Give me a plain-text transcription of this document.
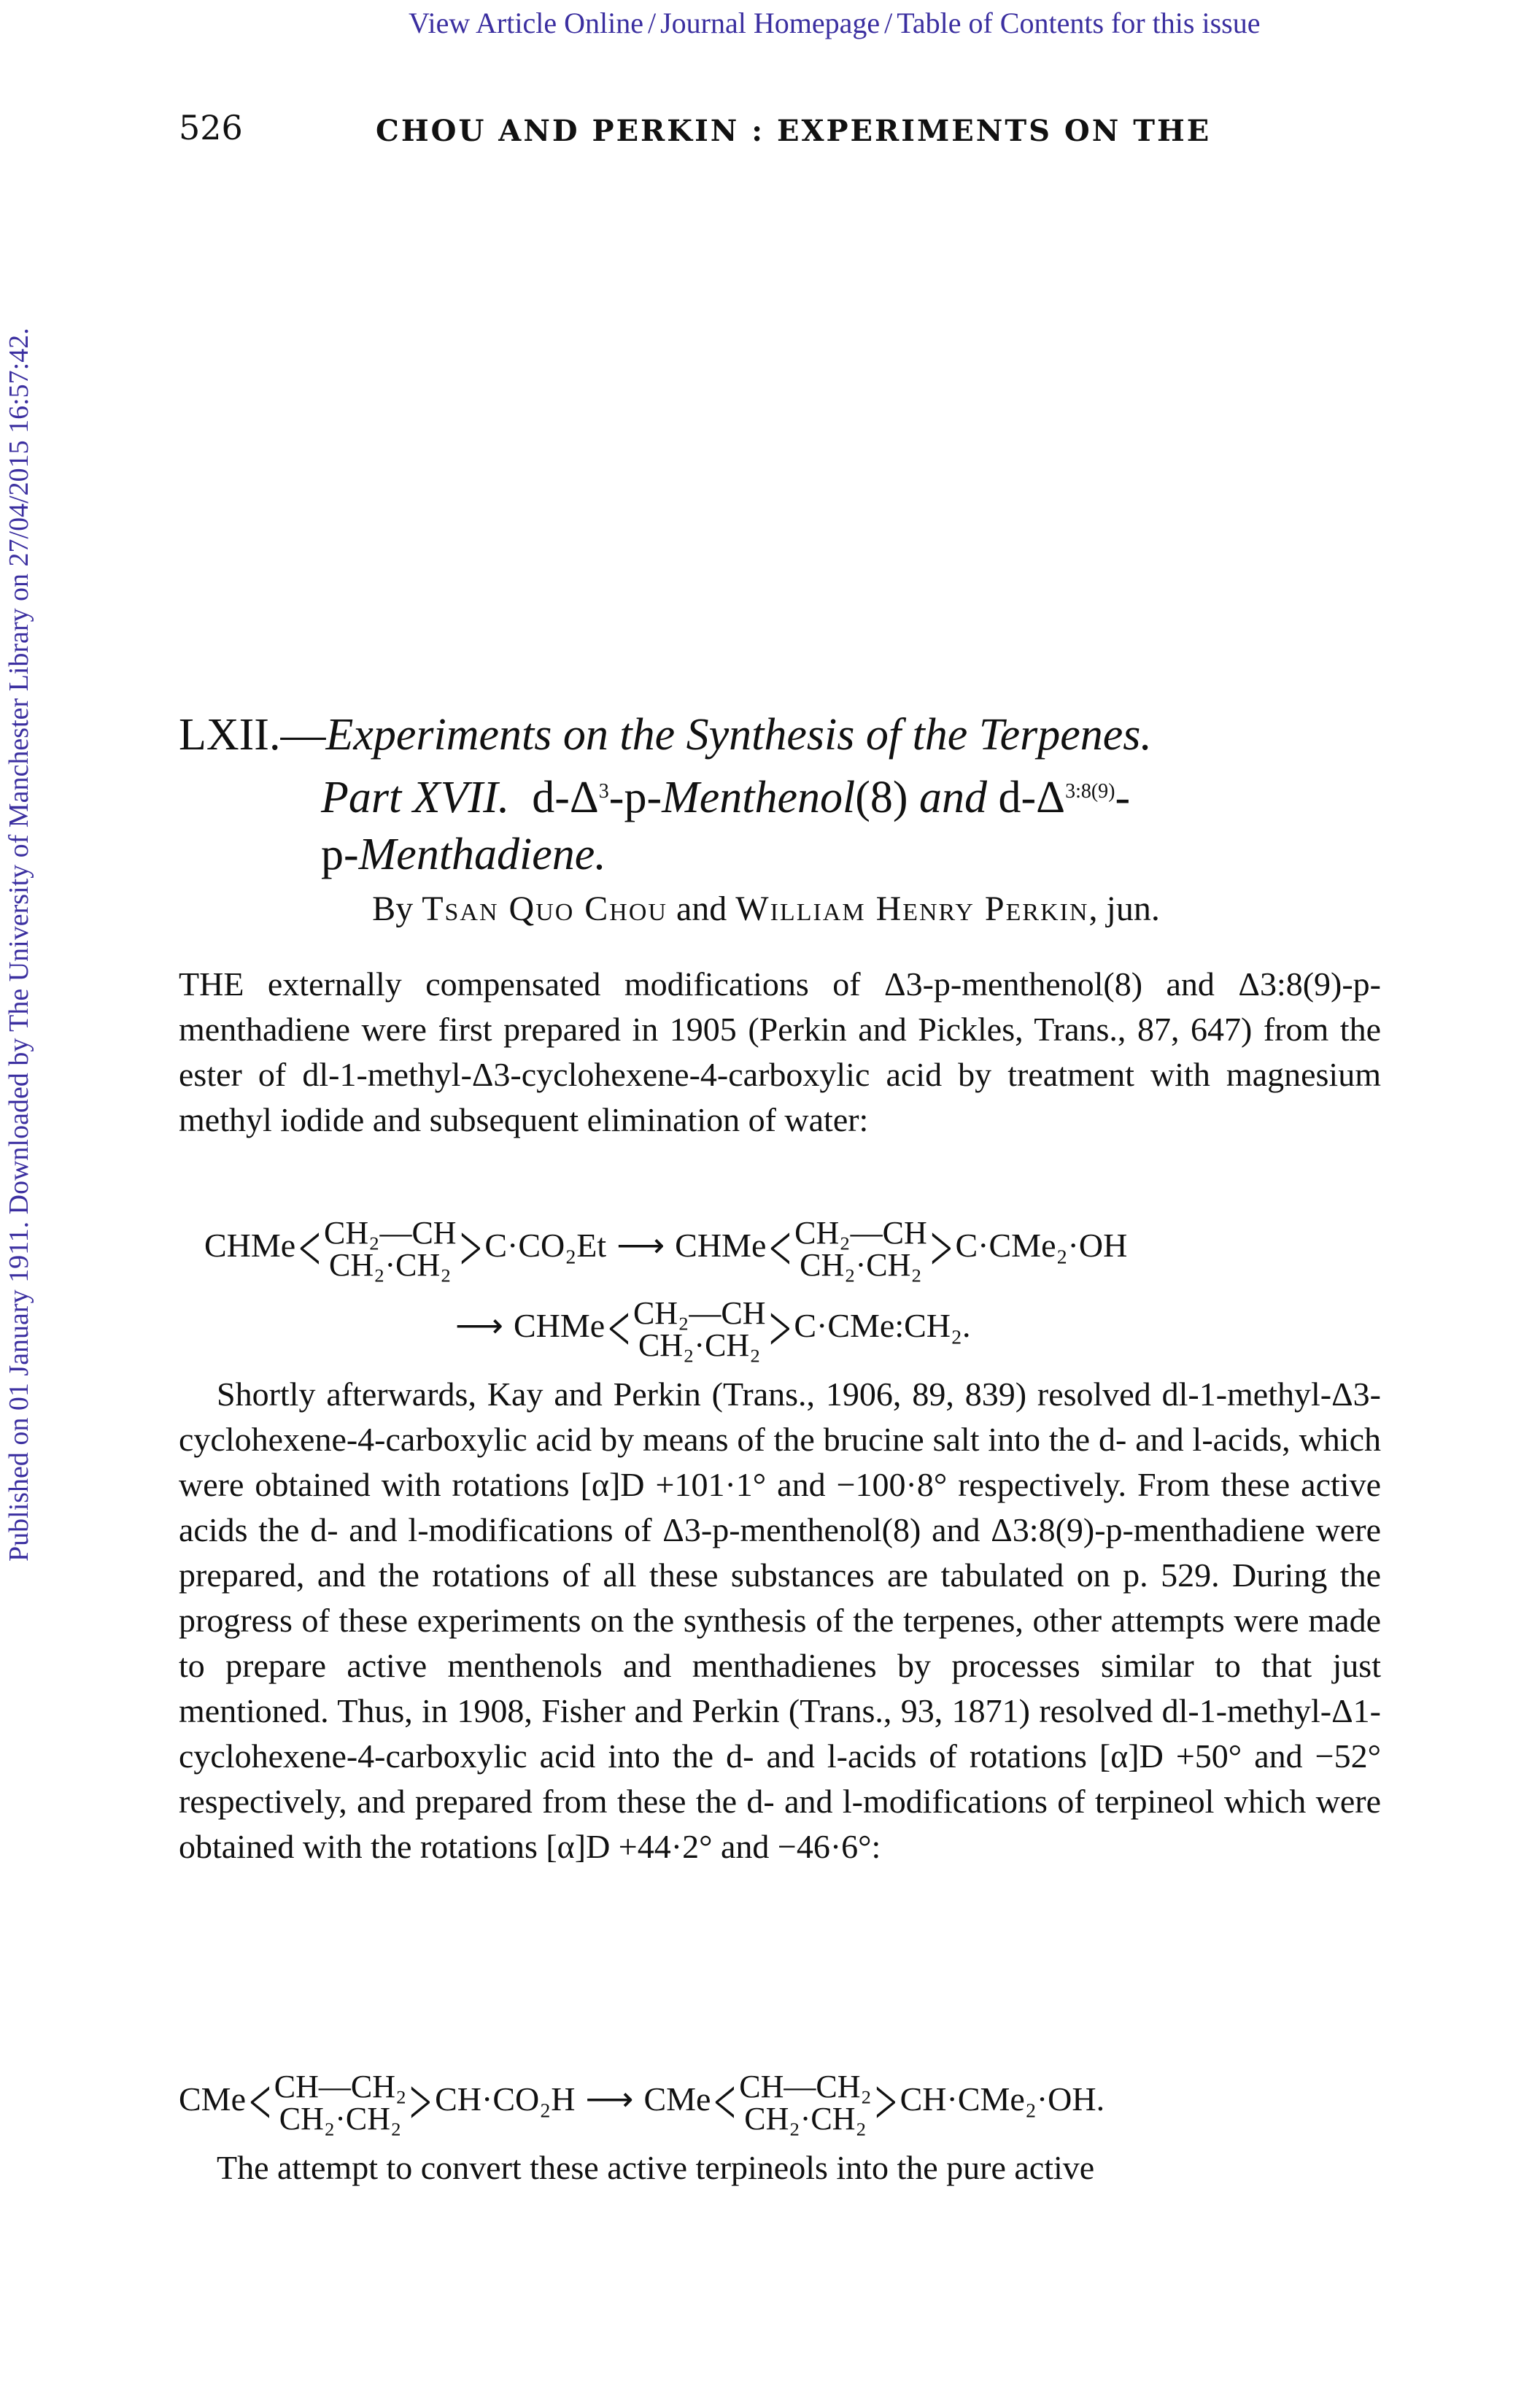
View Article Online / Journal Homepage / Table of Contents for this issue
Published on 01 January 1911. Downloaded by The University of Manchester Library on 27/04/2015 16:57:42.
526	CHOU AND PERKIN : EXPERIMENTS ON THE
LXII.—Experiments on the Synthesis of the Terpenes.
Part XVII. $d-\Delta^3-p-Menthenol(8)$ and $d-\Delta^{3:8(9)}-$
p-Menthadiene.
By Tsan Quo Chou and William Henry Perkin, jun.
THE externally compensated modifications of Δ3-p-menthenol(8) and Δ3:8(9)-p-menthadiene were first prepared in 1905 (Perkin and Pickles, Trans., 87, 647) from the ester of dl-1-methyl-Δ3-cyclohexene-4-carboxylic acid by treatment with magnesium methyl iodide and subsequent elimination of water:
CHMe<CH₂—CH
CH₂·CH₂ >C·CO₂Et ⟶ CHMe<CH₂—CH
CH₂·CH₂ >C·CMe₂·OH
⟶ CHMe<CH₂—CH
CH₂·CH₂ >C·CMe:CH₂.
Shortly afterwards, Kay and Perkin (Trans., 1906, 89, 839) resolved dl-1-methyl-Δ3-cyclohexene-4-carboxylic acid by means of the brucine salt into the d- and l-acids, which were obtained with rotations [α]D +101·1° and −100·8° respectively. From these active acids the d- and l-modifications of Δ3-p-menthenol(8) and Δ3:8(9)-p-menthadiene were prepared, and the rotations of all these substances are tabulated on p. 529. During the progress of these experiments on the synthesis of the terpenes, other attempts were made to prepare active menthenols and menthadienes by processes similar to that just mentioned. Thus, in 1908, Fisher and Perkin (Trans., 93, 1871) resolved dl-1-methyl-Δ1-cyclohexene-4-carboxylic acid into the d- and l-acids of rotations [α]D +50° and −52° respectively, and prepared from these the d- and l-modifications of terpineol which were obtained with the rotations [α]D +44·2° and −46·6°:
CMe<CH—CH₂
CH₂·CH₂ >CH·CO₂H ⟶ CMe<CH—CH₂
CH₂·CH₂ >CH·CMe₂·OH.
The attempt to convert these active terpineols into the pure active
